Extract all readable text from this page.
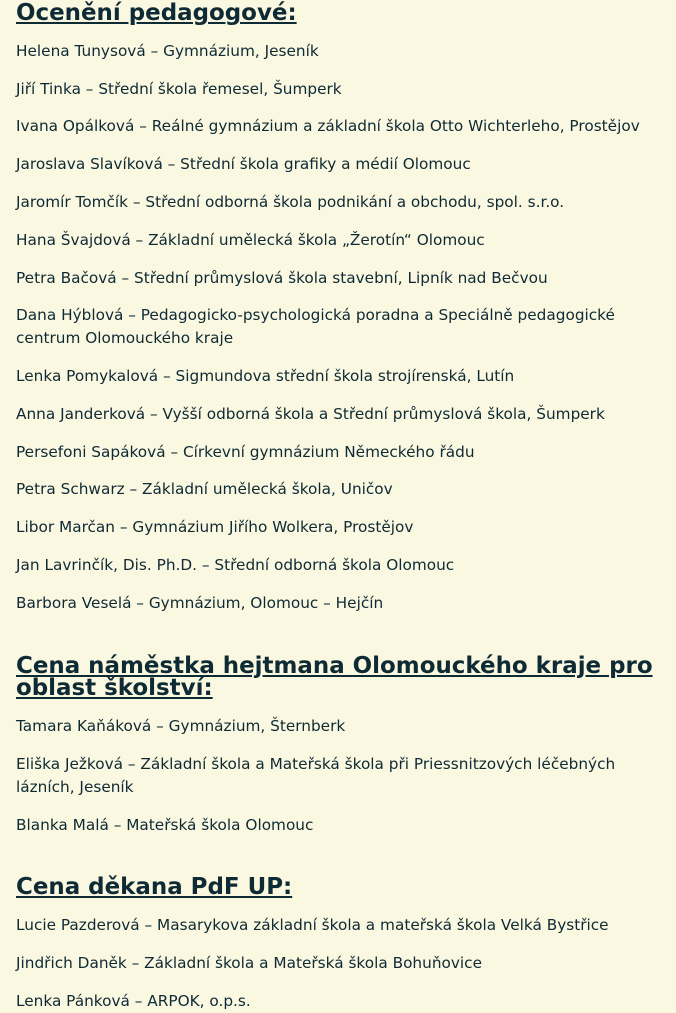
Ocenění pedagogové:
Helena Tunysová – Gymnázium, Jeseník
Jiří Tinka – Střední škola řemesel, Šumperk
Ivana Opálková – Reálné gymnázium a základní škola Otto Wichterleho, Prostějov
Jaroslava Slavíková – Střední škola grafiky a médií Olomouc
Jaromír Tomčík – Střední odborná škola podnikání a obchodu, spol. s.r.o.
Hana Švajdová – Základní umělecká škola „Žerotín“ Olomouc
Petra Bačová – Střední průmyslová škola stavební, Lipník nad Bečvou
Dana Hýblová – Pedagogicko-psychologická poradna a Speciálně pedagogické centrum Olomouckého kraje
Lenka Pomykalová – Sigmundova střední škola strojírenská, Lutín
Anna Janderková – Vyšší odborná škola a Střední průmyslová škola, Šumperk
Persefoni Sapáková – Církevní gymnázium Německého řádu
Petra Schwarz – Základní umělecká škola, Uničov
Libor Marčan – Gymnázium Jiřího Wolkera, Prostějov
Jan Lavrinčík, Dis. Ph.D. – Střední odborná škola Olomouc
Barbora Veselá – Gymnázium, Olomouc – Hejčín
Cena náměstka hejtmana Olomouckého kraje pro oblast školství:
Tamara Kaňáková – Gymnázium, Šternberk
Eliška Ježková – Základní škola a Mateřská škola při Priessnitzových léčebných lázních, Jeseník
Blanka Malá – Mateřská škola Olomouc
Cena děkana PdF UP:
Lucie Pazderová – Masarykova základní škola a mateřská škola Velká Bystřice
Jindřich Daněk – Základní škola a Mateřská škola Bohuňovice
Lenka Pánková – ARPOK, o.p.s.
